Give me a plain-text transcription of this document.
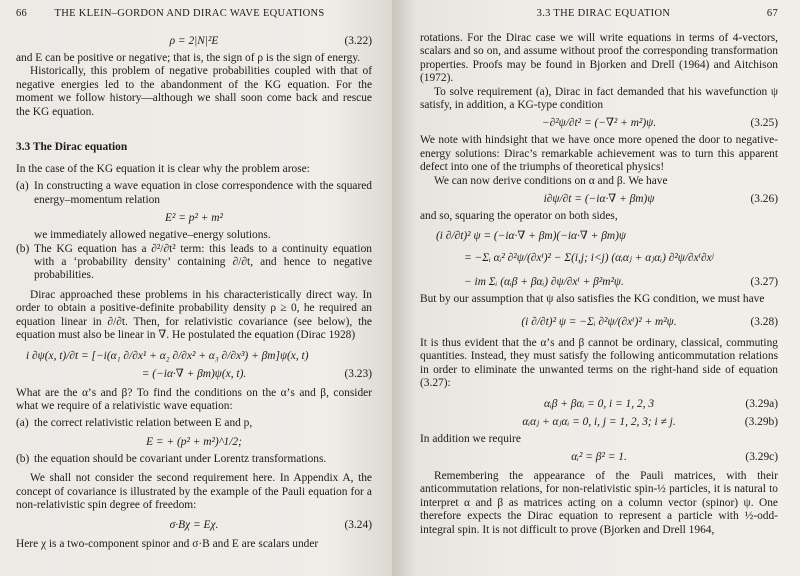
66	THE KLEIN–GORDON AND DIRAC WAVE EQUATIONS
ρ = 2|N|²E	(3.22)

and E can be positive or negative; that is, the sign of ρ is the sign of energy.

Historically, this problem of negative probabilities coupled with that of negative energies led to the abandonment of the KG equation. For the moment we follow history—although we shall soon come back and rescue the KG equation.

3.3 The Dirac equation

In the case of the KG equation it is clear why the problem arose:

(a) In constructing a wave equation in close correspondence with the squared energy–momentum relation
E² = p² + m²

we immediately allowed negative–energy solutions.

(b) The KG equation has a ∂²/∂t² term: this leads to a continuity equation with a ‘probability density’ containing ∂/∂t, and hence to negative probabilities.

Dirac approached these problems in his characteristically direct way. In order to obtain a positive-definite probability density ρ ≥ 0, he required an equation linear in ∂/∂t. Then, for relativistic covariance (see below), the equation must also be linear in ∇. He postulated the equation (Dirac 1928)

i ∂ψ(x, t)/∂t = [−i(α₁ ∂/∂x¹ + α₂ ∂/∂x² + α₃ ∂/∂x³) + βm]ψ(x, t)
= (−iα·∇ + βm)ψ(x, t).	(3.23)

What are the α’s and β? To find the conditions on the α’s and β, consider what we require of a relativistic wave equation:

(a) the correct relativistic relation between E and p,
E = + (p² + m²)^1/2;
(b) the equation should be covariant under Lorentz transformations.

We shall not consider the second requirement here. In Appendix A, the concept of covariance is illustrated by the example of the Pauli equation for a non-relativistic spin degree of freedom:

σ·Bχ = Eχ.	(3.24)

Here χ is a two-component spinor and σ·B and E are scalars under

3.3 THE DIRAC EQUATION	67

rotations. For the Dirac case we will write equations in terms of 4-vectors, scalars and so on, and assume without proof the corresponding transformation properties. Proofs may be found in Bjorken and Drell (1964) and Aitchison (1972).

To solve requirement (a), Dirac in fact demanded that his wavefunction ψ satisfy, in addition, a KG-type condition

−∂²ψ/∂t² = (−∇² + m²)ψ.	(3.25)

We note with hindsight that we have once more opened the door to negative-energy solutions: Dirac’s remarkable achievement was to turn this apparent defect into one of the triumphs of theoretical physics!

We can now derive conditions on α and β. We have

i∂ψ/∂t = (−iα·∇ + βm)ψ	(3.26)

and so, squaring the operator on both sides,

(i ∂/∂t)² ψ = (−iα·∇ + βm)(−iα·∇ + βm)ψ
= −Σᵢ αᵢ² ∂²ψ/(∂xⁱ)² − Σ(i,j; i<j) (αᵢαⱼ + αⱼαᵢ) ∂²ψ/∂xⁱ∂xʲ
− im Σᵢ (αᵢβ + βαᵢ) ∂ψ/∂xⁱ + β²m²ψ.	(3.27)

But by our assumption that ψ also satisfies the KG condition, we must have

(i ∂/∂t)² ψ = −Σᵢ ∂²ψ/(∂xⁱ)² + m²ψ.	(3.28)

It is thus evident that the α’s and β cannot be ordinary, classical, commuting quantities. Instead, they must satisfy the following anticommutation relations in order to eliminate the unwanted terms on the right-hand side of equation (3.27):

αᵢβ + βαᵢ = 0, i = 1, 2, 3	(3.29a)
αᵢαⱼ + αⱼαᵢ = 0, i, j = 1, 2, 3; i ≠ j.	(3.29b)

In addition we require

αᵢ² = β² = 1.	(3.29c)

Remembering the appearance of the Pauli matrices, with their anticommutation relations, for non-relativistic spin-½ particles, it is natural to interpret α and β as matrices acting on a column vector (spinor) ψ. One therefore expects the Dirac equation to represent a particle with ½-odd-integral spin. It is not difficult to prove (Bjorken and Drell 1964,
